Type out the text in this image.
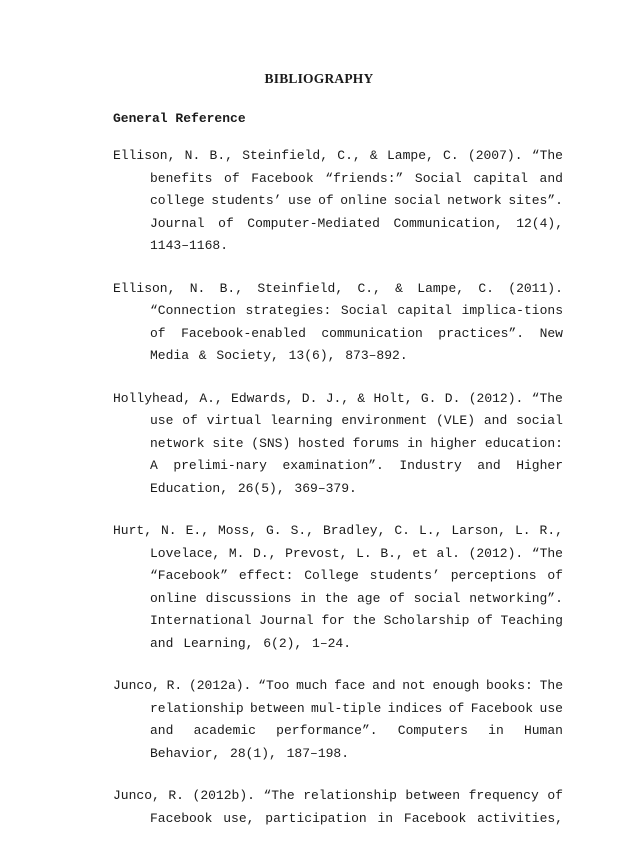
BIBLIOGRAPHY
General Reference
Ellison, N. B., Steinfield, C., & Lampe, C. (2007). “The
benefits of Facebook “friends:” Social capital and
college students’ use of online social network sites”.
Journal of Computer-Mediated Communication, 12(4),
1143–1168.
Ellison, N. B., Steinfield, C., & Lampe, C. (2011).
“Connection strategies: Social capital implica-tions
of Facebook-enabled communication practices”. New
Media & Society, 13(6), 873–892.
Hollyhead, A., Edwards, D. J., & Holt, G. D. (2012). “The
use of virtual learning environment (VLE) and social
network site (SNS) hosted forums in higher education:
A prelimi-nary examination”. Industry and Higher
Education, 26(5), 369–379.
Hurt, N. E., Moss, G. S., Bradley, C. L., Larson, L. R.,
Lovelace, M. D., Prevost, L. B., et al. (2012). “The
“Facebook” effect: College students’ perceptions of
online discussions in the age of social networking”.
International Journal for the Scholarship of Teaching
and Learning, 6(2), 1–24.
Junco, R. (2012a). “Too much face and not enough books: The
relationship between mul-tiple indices of Facebook use
and academic performance”. Computers in Human
Behavior, 28(1), 187–198.
Junco, R. (2012b). “The relationship between frequency of
Facebook use, participation in Facebook activities,
